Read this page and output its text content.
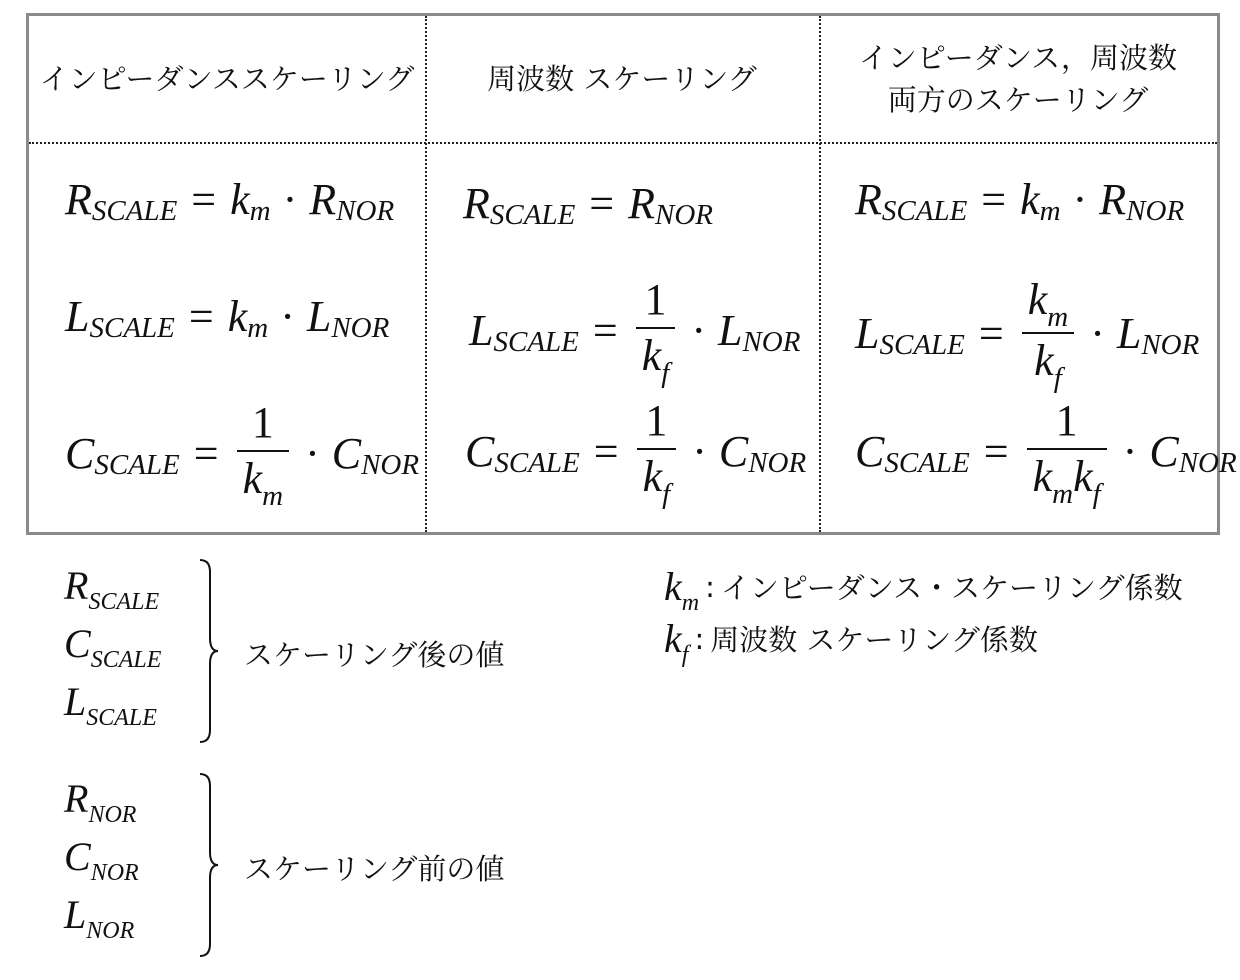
インピーダンススケーリング	周波数 スケーリング
インピーダンス，周波数
両方のスケーリング
R SCALE = k m · R NOR
L SCALE = k m · L NOR
C SCALE = $\frac{1}{k_m} \cdot C$ NOR
R SCALE = R NOR
L SCALE = $\frac{1}{k_f} \cdot L$ NOR
C SCALE = $\frac{1}{k_f} \cdot C$ NOR
R SCALE = k m · R NOR
L SCALE = $\frac{k_m}{k_f} \cdot L$ NOR
C SCALE = $\frac{1}{k_mk_f} \cdot C$ NOR
$R_{SCALE}$
$C_{SCALE}$
$L_{SCALE}$
スケーリング後の値
$R_{NOR}$
$C_{NOR}$
$L_{NOR}$
スケーリング前の値
$k_m$ : インピーダンス・スケーリング係数
$k_f$ : 周波数 スケーリング係数
